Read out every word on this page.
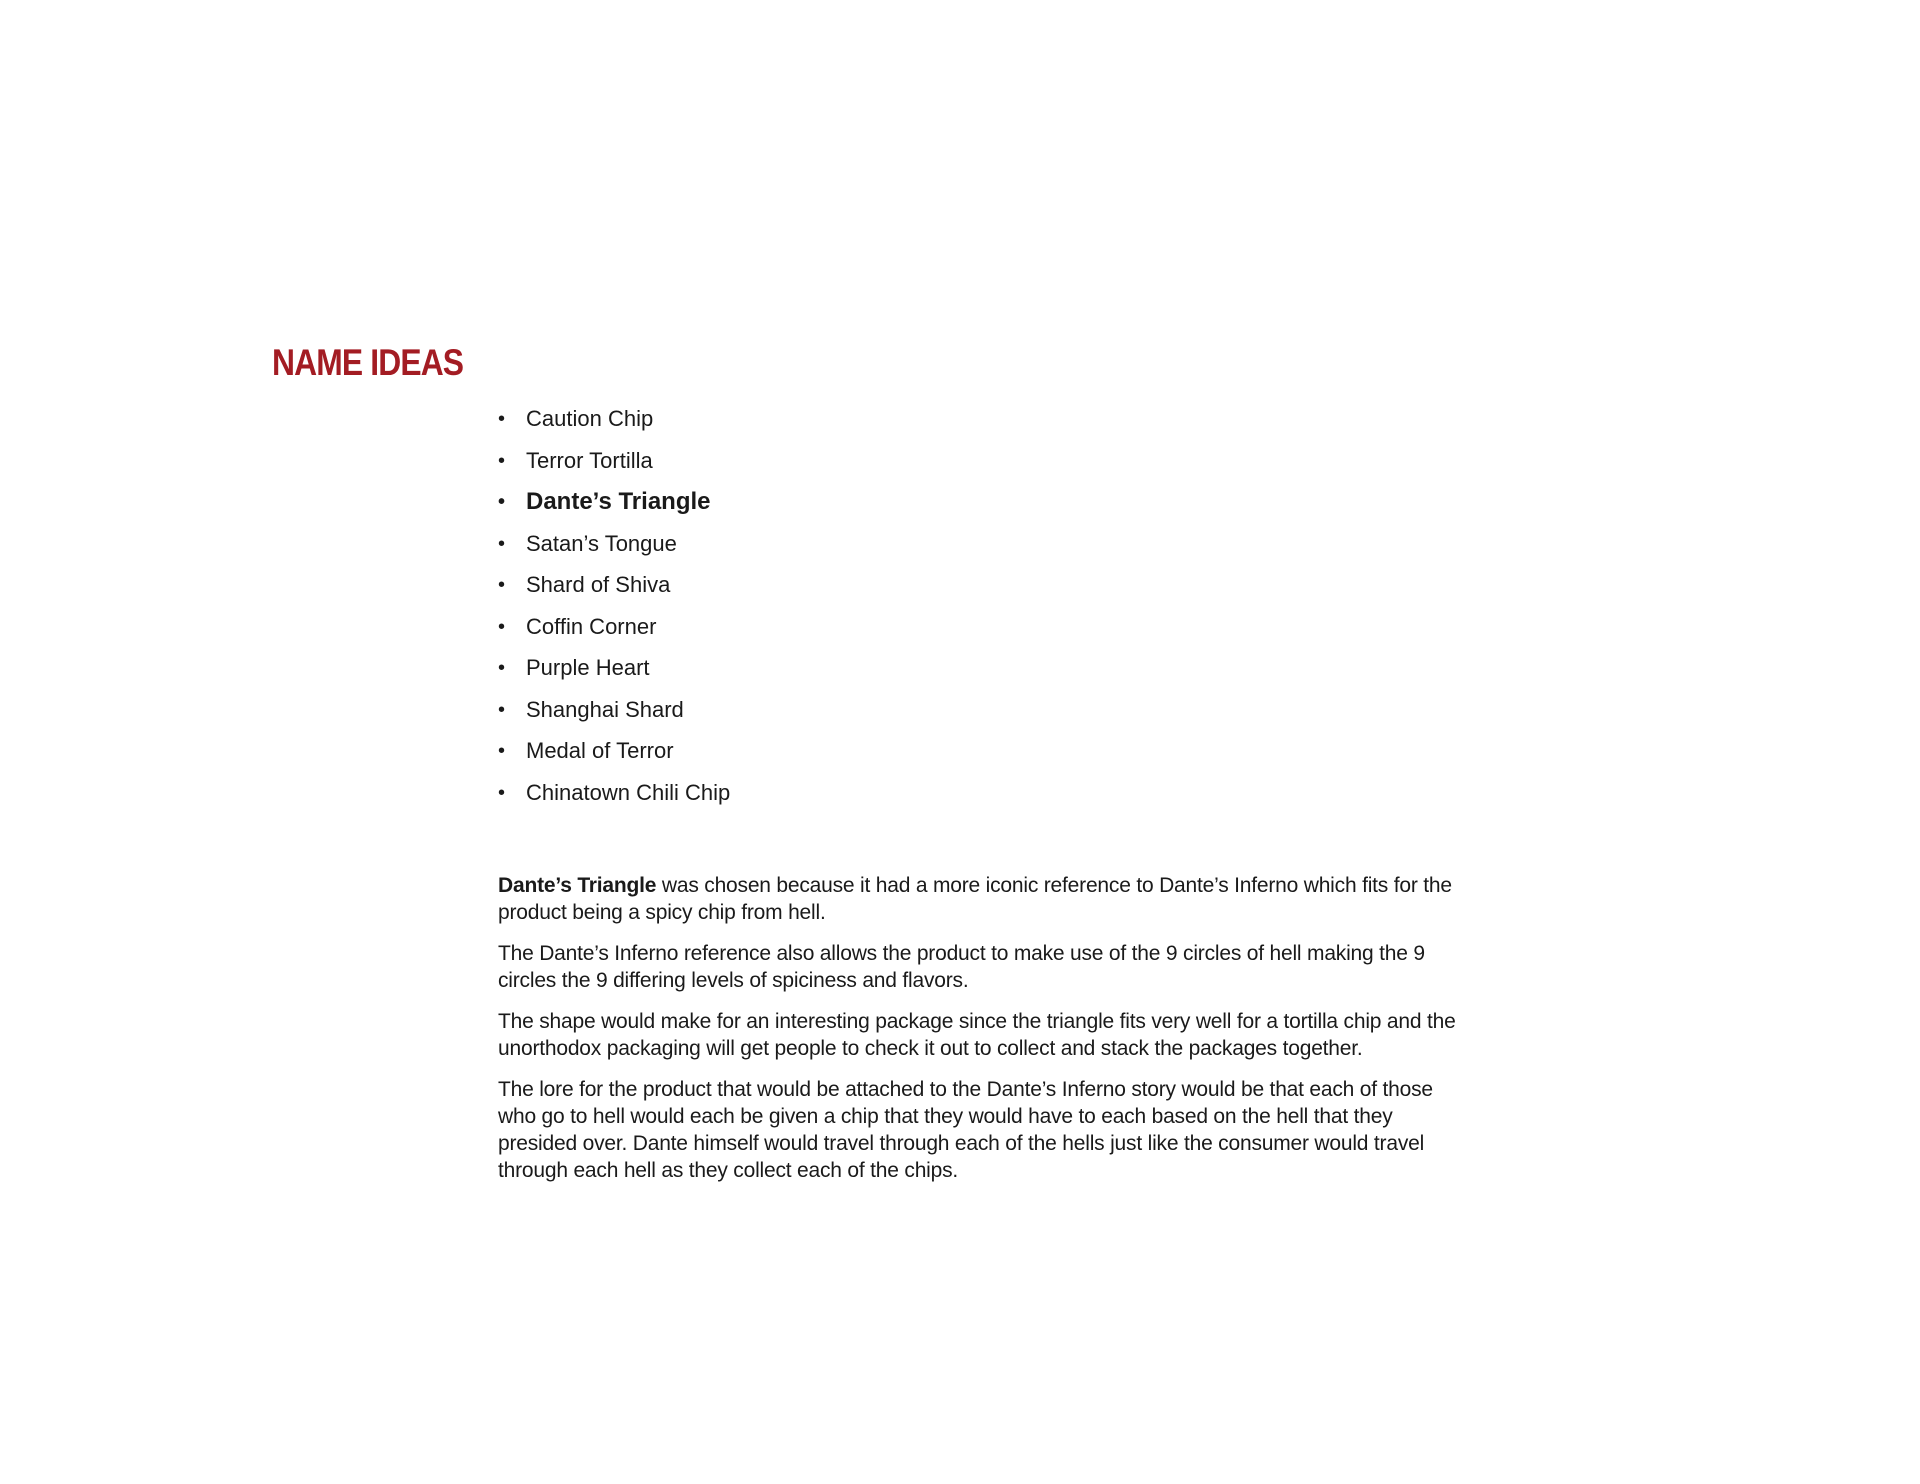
NAME IDEAS
• Caution Chip
• Terror Tortilla
• Dante’s Triangle
• Satan’s Tongue
• Shard of Shiva
• Coffin Corner
• Purple Heart
• Shanghai Shard
• Medal of Terror
• Chinatown Chili Chip

Dante’s Triangle was chosen because it had a more iconic reference to Dante’s Inferno which fits for the product being a spicy chip from hell.

The Dante’s Inferno reference also allows the product to make use of the 9 circles of hell making the 9 circles the 9 differing levels of spiciness and flavors.

The shape would make for an interesting package since the triangle fits very well for a tortilla chip and the unorthodox packaging will get people to check it out to collect and stack the packages together.

The lore for the product that would be attached to the Dante’s Inferno story would be that each of those who go to hell would each be given a chip that they would have to each based on the hell that they presided over. Dante himself would travel through each of the hells just like the consumer would travel through each hell as they collect each of the chips.
